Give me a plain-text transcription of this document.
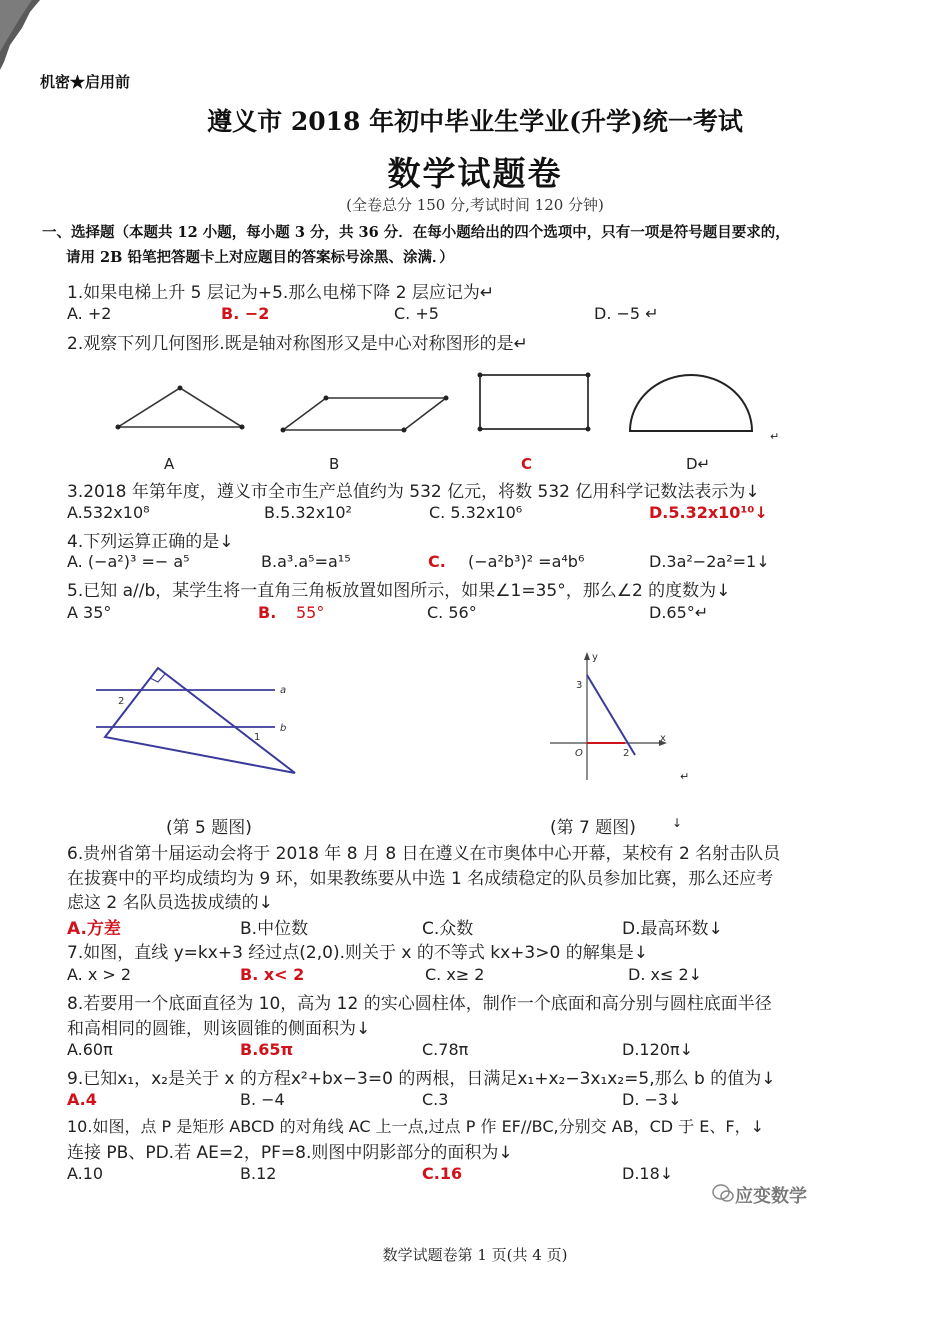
机密★启用前
遵义市 2018 年初中毕业生学业(升学)统一考试
数学试题卷
(全卷总分 150 分,考试时间 120 分钟)
一、选择题（本题共 12 小题，每小题 3 分，共 36 分．在每小题给出的四个选项中，只有一项是符号题目要求的，
请用 2B 铅笔把答题卡上对应题目的答案标号涂黑、涂满．）
1.如果电梯上升 5 层记为+5.那么电梯下降 2 层应记为↵
A. +2	B. −2	C. +5	D. −5 ↵
2.观察下列几何图形.既是轴对称图形又是中心对称图形的是↵
↵
A	B	C	D↵
3.2018 年第年度，遵义市全市生产总值约为 532 亿元，将数 532 亿用科学记数法表示为↓
A.532x10⁸	B.5.32x10²	C. 5.32x10⁶	D.5.32x10¹⁰↓
4.下列运算正确的是↓
A. (−a²)³ =− a⁵	B.a³.a⁵=a¹⁵	C. (−a²b³)² =a⁴b⁶	D.3a²−2a²=1↓
5.已知 a//b，某学生将一直角三角板放置如图所示，如果∠1=35°，那么∠2 的度数为↓
A 35°	B. 55°	C. 56°	D.65°↵
a
b
2
1
y
x
3
O	2
↵
(第 5 题图)	(第 7 题图)	↓
6.贵州省第十届运动会将于 2018 年 8 月 8 日在遵义在市奥体中心开幕，某校有 2 名射击队员
在拔赛中的平均成绩均为 9 环，如果教练要从中选 1 名成绩稳定的队员参加比赛，那么还应考
虑这 2 名队员选拔成绩的↓
A.方差	B.中位数	C.众数	D.最高环数↓
7.如图，直线 y=kx+3 经过点(2,0).则关于 x 的不等式 kx+3>0 的解集是↓
A. x > 2	B. x< 2	C. x≥ 2	D. x≤ 2↓
8.若要用一个底面直径为 10，高为 12 的实心圆柱体，制作一个底面和高分别与圆柱底面半径
和高相同的圆锥，则该圆锥的侧面积为↓
A.60π	B.65π	C.78π	D.120π↓
9.已知x₁，x₂是关于 x 的方程x²+bx−3=0 的两根，日满足x₁+x₂−3x₁x₂=5,那么 b 的值为↓
A.4	B. −4	C.3	D. −3↓
10.如图，点 P 是矩形 ABCD 的对角线 AC 上一点,过点 P 作 EF//BC,分别交 AB，CD 于 E、F，↓
连接 PB、PD.若 AE=2，PF=8.则图中阴影部分的面积为↓
A.10	B.12	C.16	D.18↓
应变数学
数学试题卷第 1 页(共 4 页)
